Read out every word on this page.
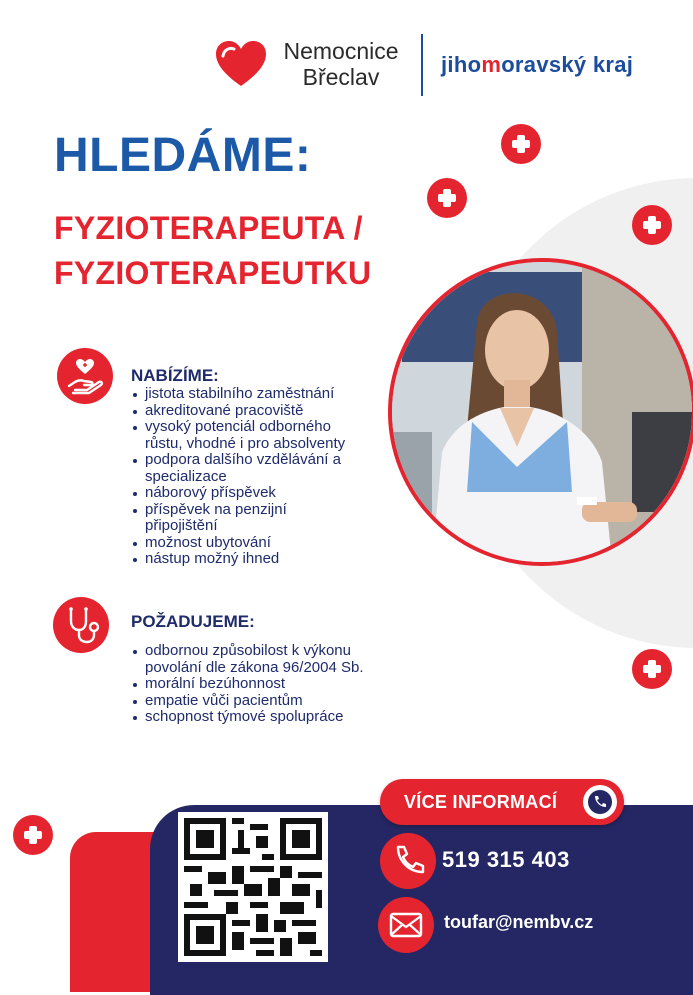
Nemocnice
Břeclav	jihomoravský kraj
HLEDÁME:
FYZIOTERAPEUTA /
FYZIOTERAPEUTKU
NABÍZÍME:
jistota stabilního zaměstnání
akreditované pracoviště
vysoký potenciál odborného růstu, vhodné i pro absolventy
podpora dalšího vzdělávání a specializace
náborový příspěvek
příspěvek na penzijní připojištění
možnost ubytování
nástup možný ihned
POŽADUJEME:
odbornou způsobilost k výkonu povolání dle zákona 96/2004 Sb.
morální bezúhonnost
empatie vůči pacientům
schopnost týmové spolupráce
VÍCE INFORMACÍ
519 315 403
toufar@nembv.cz
